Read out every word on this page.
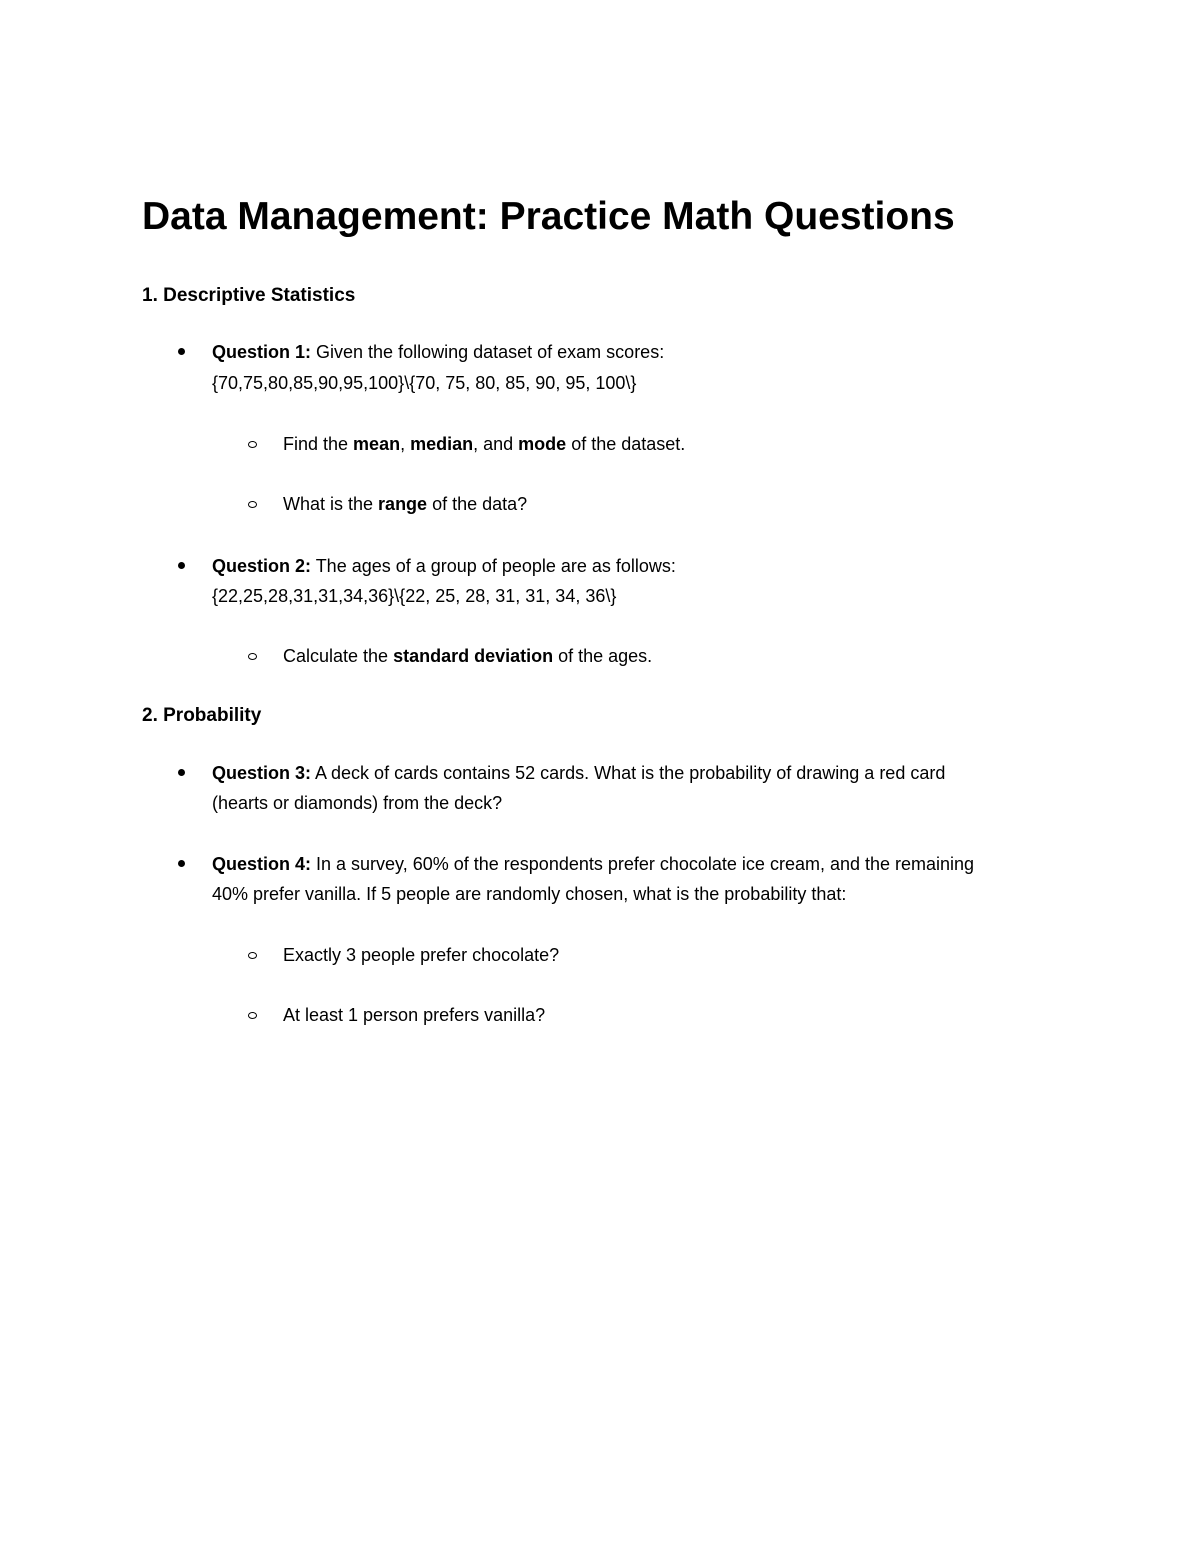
Data Management: Practice Math Questions
1. Descriptive Statistics

Question 1: Given the following dataset of exam scores:

{70,75,80,85,90,95,100}\{70, 75, 80, 85, 90, 95, 100\}

Find the mean, median, and mode of the dataset.

What is the range of the data?

Question 2: The ages of a group of people are as follows:

{22,25,28,31,31,34,36}\{22, 25, 28, 31, 31, 34, 36\}

Calculate the standard deviation of the ages.

2. Probability

Question 3: A deck of cards contains 52 cards. What is the probability of drawing a red card

(hearts or diamonds) from the deck?

Question 4: In a survey, 60% of the respondents prefer chocolate ice cream, and the remaining

40% prefer vanilla. If 5 people are randomly chosen, what is the probability that:

Exactly 3 people prefer chocolate?

At least 1 person prefers vanilla?
